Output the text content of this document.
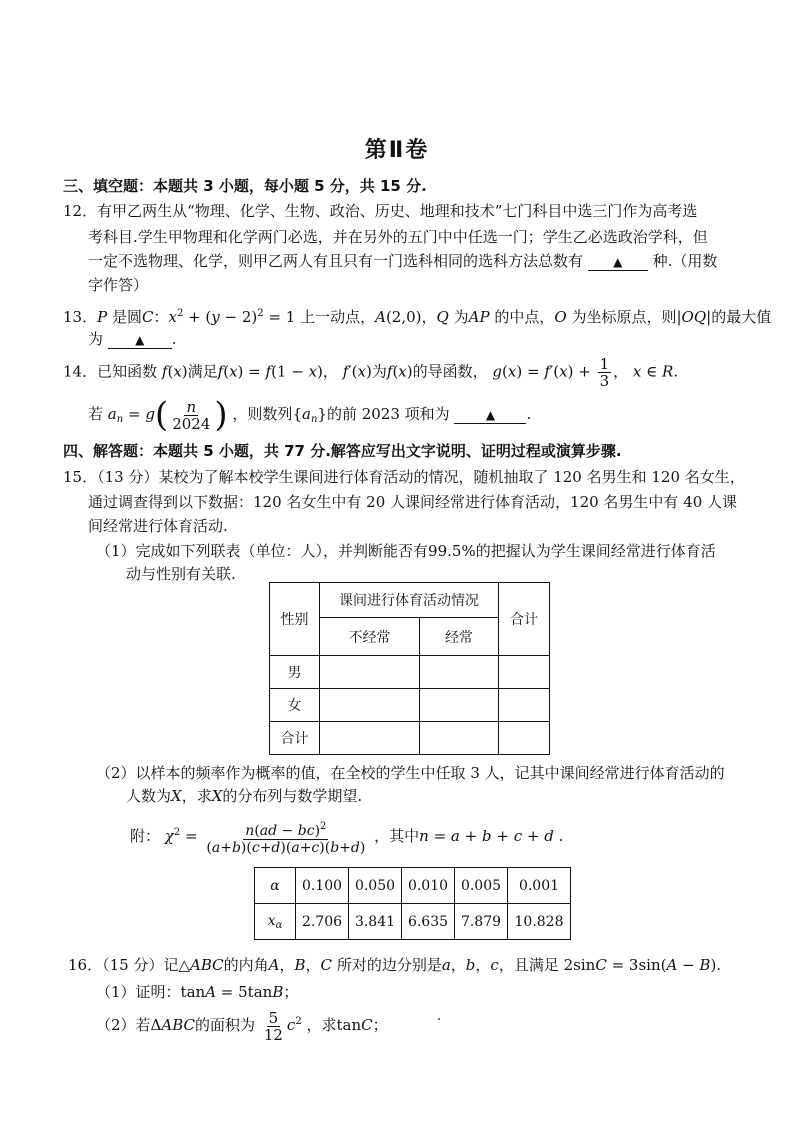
第Ⅱ卷
三、填空题：本题共 3 小题，每小题 5 分，共 15 分.
12．有甲乙两生从“物理、化学、生物、政治、历史、地理和技术”七门科目中选三门作为高考选
考科目.学生甲物理和化学两门必选，并在另外的五门中中任选一门；学生乙必选政治学科，但
一定不选物理、化学，则甲乙两人有且只有一门选科相同的选科方法总数有	▲ 种.（用数
字作答）
13．P 是圆C：$x^2 + (y - 2)^2 = 1$ 上一动点，A(2,0)，Q 为AP 的中点，O 为坐标原点，则|OQ|的最大值
为	▲ .
14．已知函数 f(x)满足f(x) = f(1 − x)， f′(x)为f(x)的导函数， $g(x) = f'(x) + \frac{1}{3}$ ， x ∈ R.
若 $a_n = g( \frac{n}{2024}$ ) ，则数列$\{a_n\}$的前 2023 项和为	▲ .
四、解答题：本题共 5 小题，共 77 分.解答应写出文字说明、证明过程或演算步骤.
15．（13 分）某校为了解本校学生课间进行体育活动的情况，随机抽取了 120 名男生和 120 名女生，
通过调查得到以下数据：120 名女生中有 20 人课间经常进行体育活动，120 名男生中有 40 人课
间经常进行体育活动.
（1）完成如下列联表（单位：人），并判断能否有99.5%的把握认为学生课间经常进行体育活
动与性别有关联.
性别	课间进行体育活动情况		合计
	不经常	经常	
男			
女			
合计			
（2）以样本的频率作为概率的值，在全校的学生中任取 3 人，记其中课间经常进行体育活动的
人数为X，求X的分布列与数学期望.
附： $\chi^2 = \frac{n(ad - bc)^2}{(a+b)(c+d)(a+c)(b+d)}$ ，其中n = a + b + c + d .
α	0.100	0.050	0.010	0.005	0.001
$x_\alpha$	2.706	3.841	6.635	7.879	10.828
16．（15 分）记△ABC的内角A，B，C 所对的边分别是a，b，c，且满足 2sinC = 3sin(A − B).
（1）证明：tanA = 5tanB；
（2）若ΔABC的面积为 $\frac{5}{12} c^2$ ，求tanC；
